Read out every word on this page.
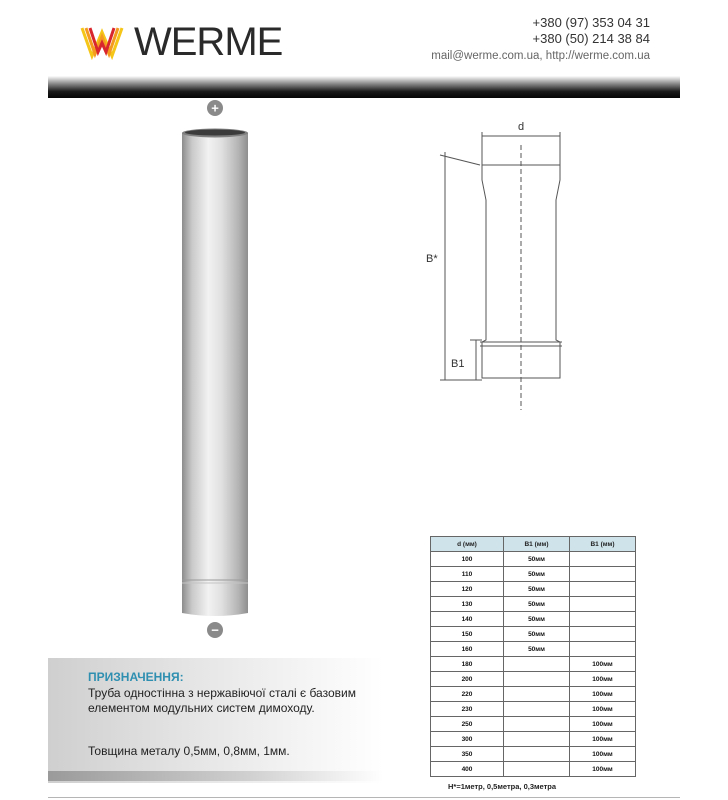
WERME	+380 (97) 353 04 31
+380 (50) 214 38 84
mail@werme.com.ua, http://werme.com.ua
+
−
d
B*
B1
ПРИЗНАЧЕННЯ:
Труба одностінна з нержавіючої сталі є базовим елементом модульних систем димоходу.
Товщина металу 0,5мм, 0,8мм, 1мм.
d (мм)	B1 (мм)	B1 (мм)
100	50мм	
110	50мм	
120	50мм	
130	50мм	
140	50мм	
150	50мм	
160	50мм	
180		100мм
200		100мм
220		100мм
230		100мм
250		100мм
300		100мм
350		100мм
400		100мм
H*=1метр, 0,5метра, 0,3метра
